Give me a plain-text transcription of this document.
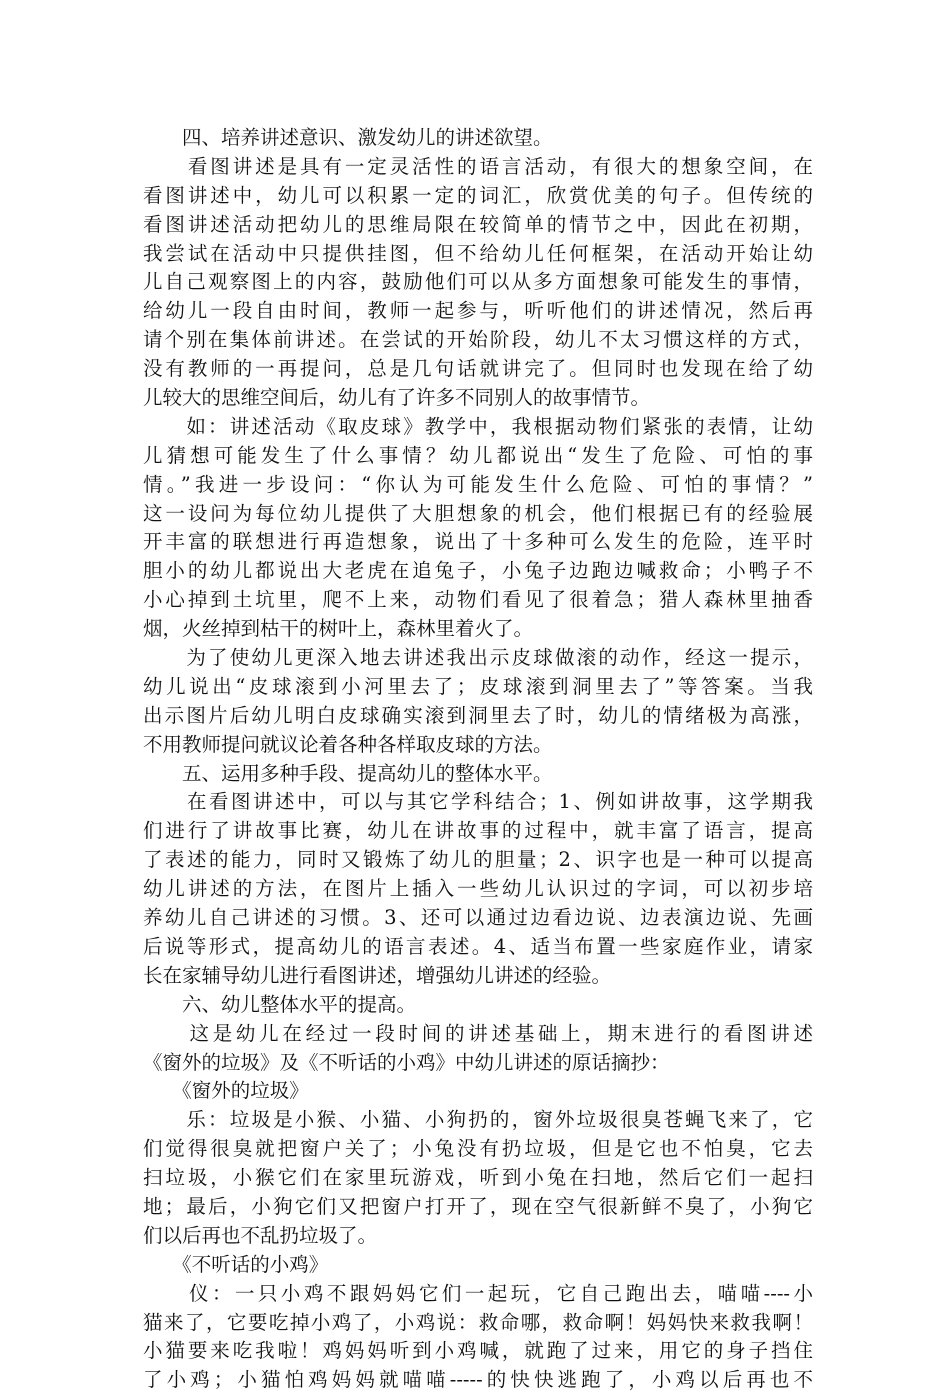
　　四、培养讲述意识、激发幼儿的讲述欲望。
　　看图讲述是具有一定灵活性的语言活动，有很大的想象空间，在
看图讲述中，幼儿可以积累一定的词汇，欣赏优美的句子。但传统的
看图讲述活动把幼儿的思维局限在较简单的情节之中，因此在初期，
我尝试在活动中只提供挂图，但不给幼儿任何框架，在活动开始让幼
儿自己观察图上的内容，鼓励他们可以从多方面想象可能发生的事情，
给幼儿一段自由时间，教师一起参与，听听他们的讲述情况，然后再
请个别在集体前讲述。在尝试的开始阶段，幼儿不太习惯这样的方式，
没有教师的一再提问，总是几句话就讲完了。但同时也发现在给了幼
儿较大的思维空间后，幼儿有了许多不同别人的故事情节。
　　如：讲述活动《取皮球》教学中，我根据动物们紧张的表情，让幼
儿猜想可能发生了什么事情？幼儿都说出“发生了危险、可怕的事
情。”我进一步设问：“你认为可能发生什么危险、可怕的事情？”
这一设问为每位幼儿提供了大胆想象的机会，他们根据已有的经验展
开丰富的联想进行再造想象，说出了十多种可么发生的危险，连平时
胆小的幼儿都说出大老虎在追兔子，小兔子边跑边喊救命；小鸭子不
小心掉到土坑里，爬不上来，动物们看见了很着急；猎人森林里抽香
烟，火丝掉到枯干的树叶上，森林里着火了。
　　为了使幼儿更深入地去讲述我出示皮球做滚的动作，经这一提示，
幼儿说出“皮球滚到小河里去了；皮球滚到洞里去了”等答案。当我
出示图片后幼儿明白皮球确实滚到洞里去了时，幼儿的情绪极为高涨，
不用教师提问就议论着各种各样取皮球的方法。
　　五、运用多种手段、提高幼儿的整体水平。
　　在看图讲述中，可以与其它学科结合；1、例如讲故事，这学期我
们进行了讲故事比赛，幼儿在讲故事的过程中，就丰富了语言，提高
了表述的能力，同时又锻炼了幼儿的胆量；2、识字也是一种可以提高
幼儿讲述的方法，在图片上插入一些幼儿认识过的字词，可以初步培
养幼儿自己讲述的习惯。3、还可以通过边看边说、边表演边说、先画
后说等形式，提高幼儿的语言表述。4、适当布置一些家庭作业，请家
长在家辅导幼儿进行看图讲述，增强幼儿讲述的经验。
　　六、幼儿整体水平的提高。
　　这是幼儿在经过一段时间的讲述基础上，期末进行的看图讲述
《窗外的垃圾》及《不听话的小鸡》中幼儿讲述的原话摘抄：
　　《窗外的垃圾》
　　乐：垃圾是小猴、小猫、小狗扔的，窗外垃圾很臭苍蝇飞来了，它
们觉得很臭就把窗户关了；小兔没有扔垃圾，但是它也不怕臭，它去
扫垃圾，小猴它们在家里玩游戏，听到小兔在扫地，然后它们一起扫
地；最后，小狗它们又把窗户打开了，现在空气很新鲜不臭了，小狗它
们以后再也不乱扔垃圾了。
　　《不听话的小鸡》
　　仪：一只小鸡不跟妈妈它们一起玩，它自己跑出去，喵喵----小
猫来了，它要吃掉小鸡了，小鸡说：救命哪，救命啊！妈妈快来救我啊！
小猫要来吃我啦！鸡妈妈听到小鸡喊，就跑了过来，用它的身子挡住
了小鸡；小猫怕鸡妈妈就喵喵-----的快快逃跑了，小鸡以后再也不
